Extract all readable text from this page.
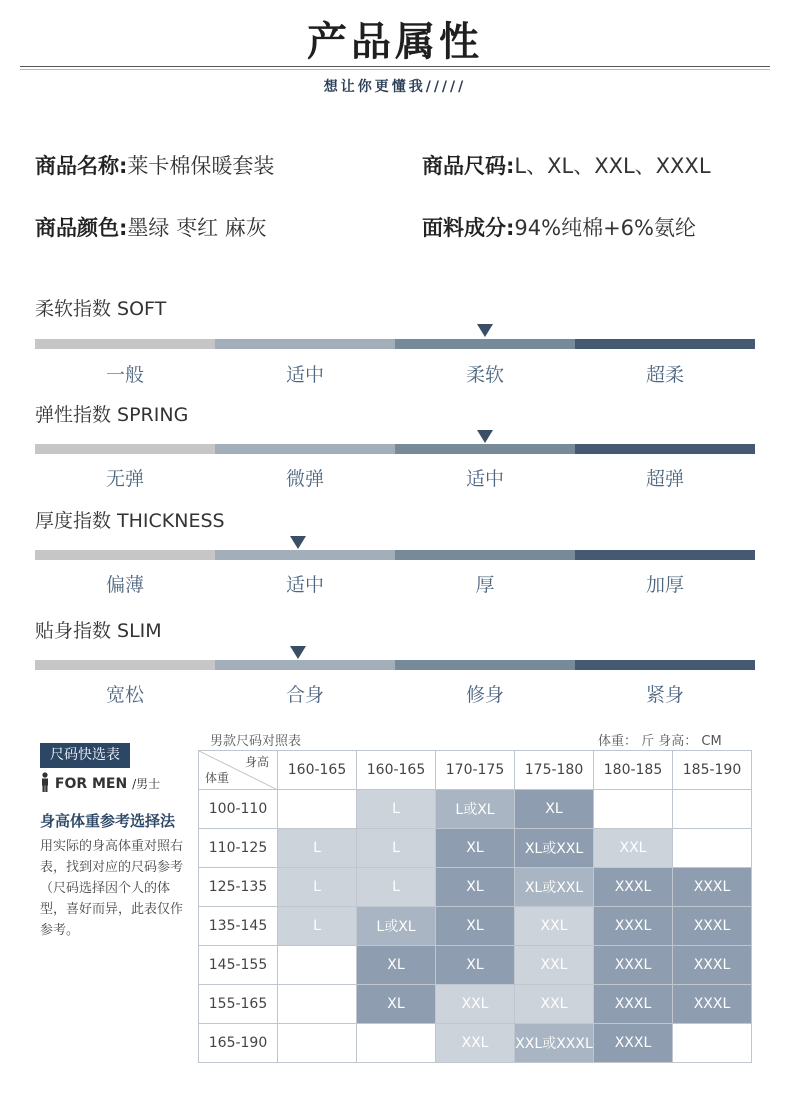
产品属性
想让你更懂我/////
商品名称:莱卡棉保暖套装	商品尺码:L、XL、XXL、XXXL
商品颜色:墨绿 枣红 麻灰	面料成分:94%纯棉+6%氨纶
柔软指数 SOFT
一般	适中	柔软	超柔
弹性指数 SPRING
无弹	微弹	适中	超弹
厚度指数 THICKNESS
偏薄	适中	厚	加厚
贴身指数 SLIM
宽松	合身	修身	紧身
尺码快选表
FOR MEN /男士
身高体重参考选择法
用实际的身高体重对照右表，找到对应的尺码参考（尺码选择因个人的体型，喜好而异，此表仅作参考。
男款尺码对照表	体重： 斤 身高： CM
身高
体重	160-165	160-165	170-175	175-180	180-185	185-190
100-110		L	L或XL	XL		
110-125	L	L	XL	XL或XXL	XXL	
125-135	L	L	XL	XL或XXL	XXXL	XXXL
135-145	L	L或XL	XL	XXL	XXXL	XXXL
145-155		XL	XL	XXL	XXXL	XXXL
155-165		XL	XXL	XXL	XXXL	XXXL
165-190			XXL	XXL或XXXL	XXXL	
